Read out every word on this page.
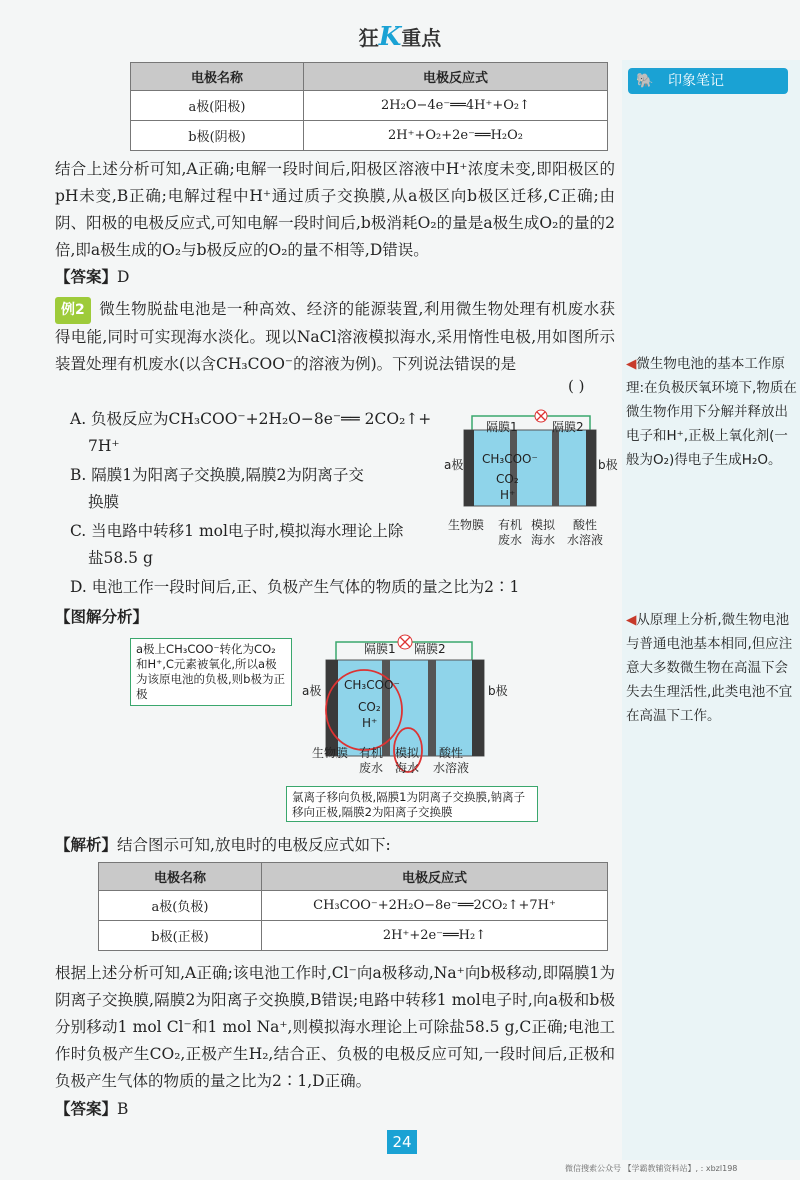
狂K重点
🐘 印象笔记
◀微生物电池的基本工作原理:在负极厌氧环境下,物质在微生物作用下分解并释放出电子和H⁺,正极上氧化剂(一般为O₂)得电子生成H₂O。
◀从原理上分析,微生物电池与普通电池基本相同,但应注意大多数微生物在高温下会失去生理活性,此类电池不宜在高温下工作。
电极名称	电极反应式
a极(阳极)	2H₂O−4e⁻══4H⁺+O₂↑
b极(阴极)	2H⁺+O₂+2e⁻══H₂O₂
结合上述分析可知,A正确;电解一段时间后,阳极区溶液中H⁺浓度未变,即阳极区的pH未变,B正确;电解过程中H⁺通过质子交换膜,从a极区向b极区迁移,C正确;由阴、阳极的电极反应式,可知电解一段时间后,b极消耗O₂的量是a极生成O₂的量的2倍,即a极生成的O₂与b极反应的O₂的量不相等,D错误。
【答案】D
例2 微生物脱盐电池是一种高效、经济的能源装置,利用微生物处理有机废水获得电能,同时可实现海水淡化。现以NaCl溶液模拟海水,采用惰性电极,用如图所示装置处理有机废水(以含CH₃COO⁻的溶液为例)。下列说法错误的是
( )
A. 负极反应为CH₃COO⁻+2H₂O−8e⁻══ 2CO₂↑+
7H⁺
B. 隔膜1为阳离子交换膜,隔膜2为阴离子交
换膜
C. 当电路中转移1 mol电子时,模拟海水理论上除
盐58.5 g
D. 电池工作一段时间后,正、负极产生气体的物质的量之比为2∶1
隔膜1	隔膜2
a极	b极
CH₃COO⁻
CO₂
H⁺
生物膜 有机
废水
模拟
海水
酸性
水溶液
【图解分析】
a极上CH₃COO⁻转化为CO₂和H⁺,C元素被氧化,所以a极为该原电池的负极,则b极为正极
隔膜1 隔膜2
a极	b极
CH₃COO⁻
CO₂
H⁺
生物膜 有机
废水
模拟
海水
酸性
水溶液
氯离子移向负极,隔膜1为阴离子交换膜,钠离子移向正极,隔膜2为阳离子交换膜
【解析】结合图示可知,放电时的电极反应式如下:
电极名称	电极反应式
a极(负极)	CH₃COO⁻+2H₂O−8e⁻══2CO₂↑+7H⁺
b极(正极)	2H⁺+2e⁻══H₂↑
根据上述分析可知,A正确;该电池工作时,Cl⁻向a极移动,Na⁺向b极移动,即隔膜1为阴离子交换膜,隔膜2为阳离子交换膜,B错误;电路中转移1 mol电子时,向a极和b极分别移动1 mol Cl⁻和1 mol Na⁺,则模拟海水理论上可除盐58.5 g,C正确;电池工作时负极产生CO₂,正极产生H₂,结合正、负极的电极反应可知,一段时间后,正极和负极产生气体的物质的量之比为2∶1,D正确。
【答案】B
24
微信搜索公众号 【学霸教辅资料站】, : xbzl198
